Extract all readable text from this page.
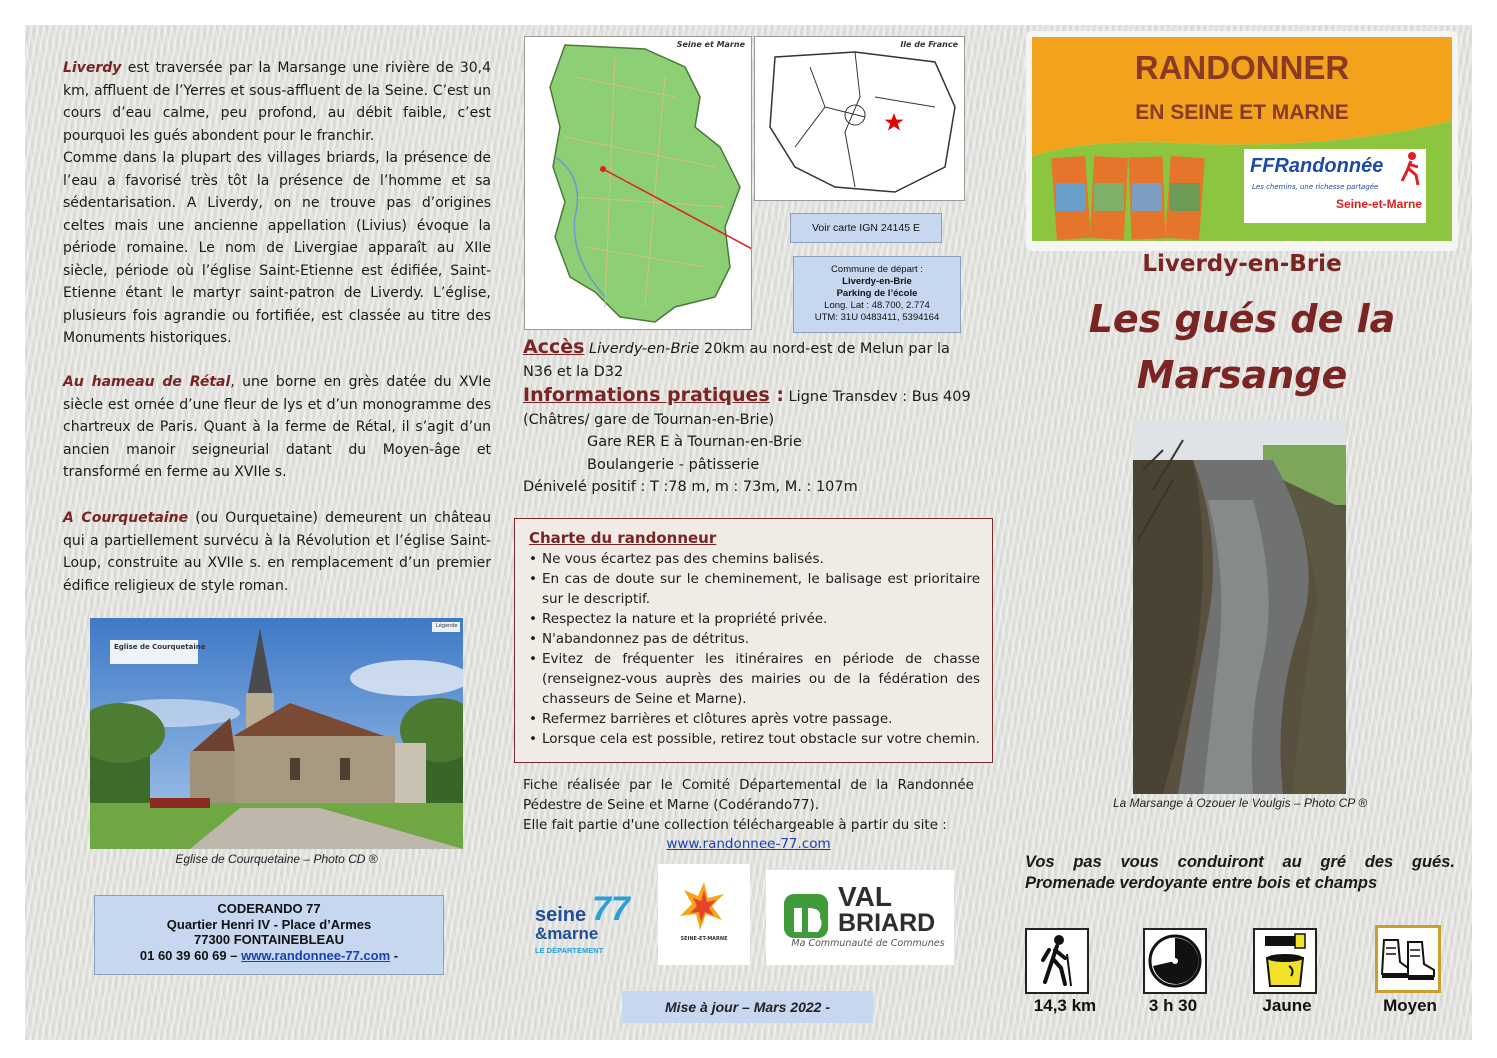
Liverdy est traversée par la Marsange une rivière de 30,4 km, affluent de l’Yerres et sous-affluent de la Seine. C’est un cours d’eau calme, peu profond, au débit faible, c’est pourquoi les gués abondent pour le franchir.
Comme dans la plupart des villages briards, la présence de l’eau a favorisé très tôt la présence de l’homme et sa sédentarisation. A Liverdy, on ne trouve pas d’origines celtes mais une ancienne appellation (Livius) évoque la période romaine. Le nom de Livergiae apparaît au XIIe siècle, période où l’église Saint-Etienne est édifiée, Saint-Etienne étant le martyr saint-patron de Liverdy. L’église, plusieurs fois agrandie ou fortifiée, est classée au titre des Monuments historiques.
Au hameau de Rétal, une borne en grès datée du XVIe siècle est ornée d’une fleur de lys et d’un monogramme des chartreux de Paris. Quant à la ferme de Rétal, il s’agit d’un ancien manoir seigneurial datant du Moyen-âge et transformé en ferme au XVIIe s.
A Courquetaine (ou Ourquetaine) demeurent un château qui a partiellement survécu à la Révolution et l’église Saint-Loup, construite au XVIIe s. en remplacement d’un premier édifice religieux de style roman.
Eglise de Courquetaine
Légende
Eglise de Courquetaine – Photo CD ®
CODERANDO 77
Quartier Henri IV - Place d’Armes
77300 FONTAINEBLEAU
01 60 39 60 69 – www.randonnee-77.com -
Seine et Marne	Ile de France
Voir carte IGN 24145 E
Commune de départ :
Liverdy-en-Brie
Parking de l’école
Long. Lat : 48.700, 2.774
UTM: 31U 0483411, 5394164
Accès Liverdy-en-Brie 20km au nord-est de Melun par la N36 et la D32
Informations pratiques : Ligne Transdev : Bus 409
(Châtres/ gare de Tournan-en-Brie)
Gare RER E à Tournan-en-Brie
Boulangerie - pâtisserie
Dénivelé positif : T :78 m, m : 73m, M. : 107m
Charte du randonneur
• Ne vous écartez pas des chemins balisés.
• En cas de doute sur le cheminement, le balisage est prioritaire sur le descriptif.
• Respectez la nature et la propriété privée.
• N'abandonnez pas de détritus.
• Evitez de fréquenter les itinéraires en période de chasse (renseignez-vous auprès des mairies ou de la fédération des chasseurs de Seine et Marne).
• Refermez barrières et clôtures après votre passage.
• Lorsque cela est possible, retirez tout obstacle sur votre chemin.
Fiche réalisée par le Comité Départemental de la Randonnée Pédestre de Seine et Marne (Codérando77).
Elle fait partie d'une collection téléchargeable à partir du site :
www.randonnee-77.com
seine 77
&marne
LE DÉPARTEMENT
SEINE-ET-MARNE
VAL
BRIARD
Ma Communauté de Communes
Mise à jour – Mars 2022 -
RANDONNER
EN SEINE ET MARNE
FFRandonnée
Les chemins, une richesse partagée
Seine-et-Marne
Liverdy-en-Brie
Les gués de la
Marsange
La Marsange à Ozouer le Voulgis – Photo CP ®
Vos pas vous conduiront au gré des gués.
Promenade verdoyante entre bois et champs
14,3 km	3 h 30	Jaune	Moyen
